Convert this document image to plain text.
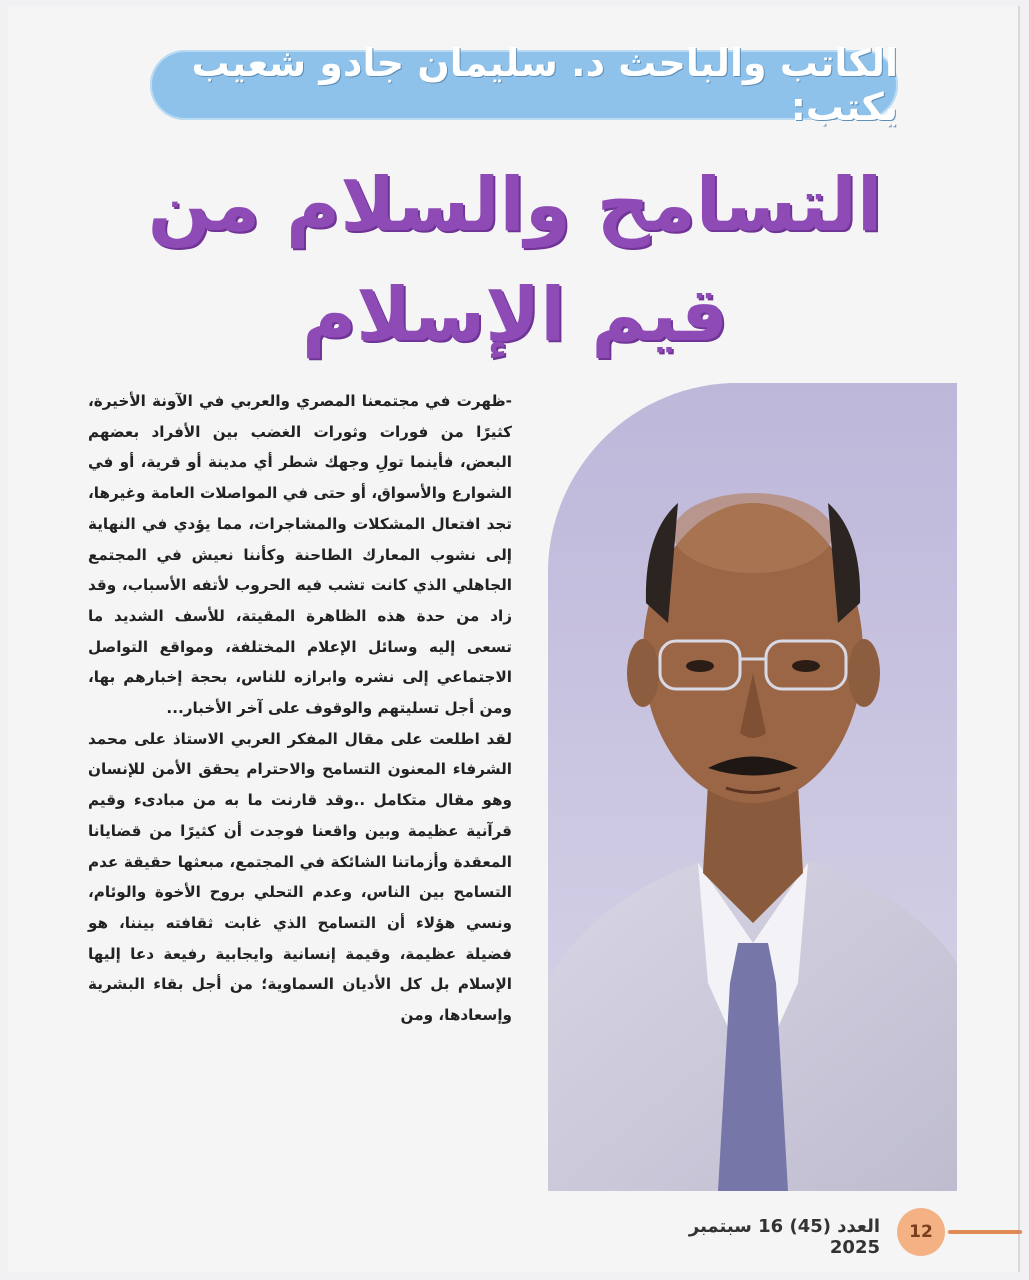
الكاتب والباحث د. سليمان جادو شعيب يكتب:
التسامح والسلام من قيم الإسلام

-ظهرت في مجتمعنا المصري والعربي في الآونة الأخيرة، كثيرًا من فورات وثورات الغضب بين الأفراد بعضهم البعض، فأينما تولِ وجهك شطر أي مدينة أو قرية، أو في الشوارع والأسواق، أو حتى في المواصلات العامة وغيرها، تجد افتعال المشكلات والمشاجرات، مما يؤدي في النهاية إلى نشوب المعارك الطاحنة وكأننا نعيش في المجتمع الجاهلي الذي كانت تشب فيه الحروب لأتفه الأسباب، وقد زاد من حدة هذه الظاهرة المقيتة، للأسف الشديد ما تسعى إليه وسائل الإعلام المختلفة، ومواقع التواصل الاجتماعي إلى نشره وابرازه للناس، بحجة إخبارهم بها، ومن أجل تسليتهم والوقوف على آخر الأخبار...

لقد اطلعت على مقال المفكر العربي الاستاذ على محمد الشرفاء المعنون التسامح والاحترام يحقق الأمن للإنسان وهو مقال متكامل ..وقد قارنت ما به من مبادىء وقيم قرآنية عظيمة وبين واقعنا فوجدت أن كثيرًا من قضايانا المعقدة وأزماتنا الشائكة في المجتمع، مبعثها حقيقة عدم التسامح بين الناس، وعدم التحلي بروح الأخوة والوئام، ونسي هؤلاء أن التسامح الذي غابت ثقافته بيننا، هو فضيلة عظيمة، وقيمة إنسانية وايجابية رفيعة دعا إليها الإسلام بل كل الأديان السماوية؛ من أجل بقاء البشرية وإسعادها، ومن

12
العدد (45) 16 سبتمبر 2025
